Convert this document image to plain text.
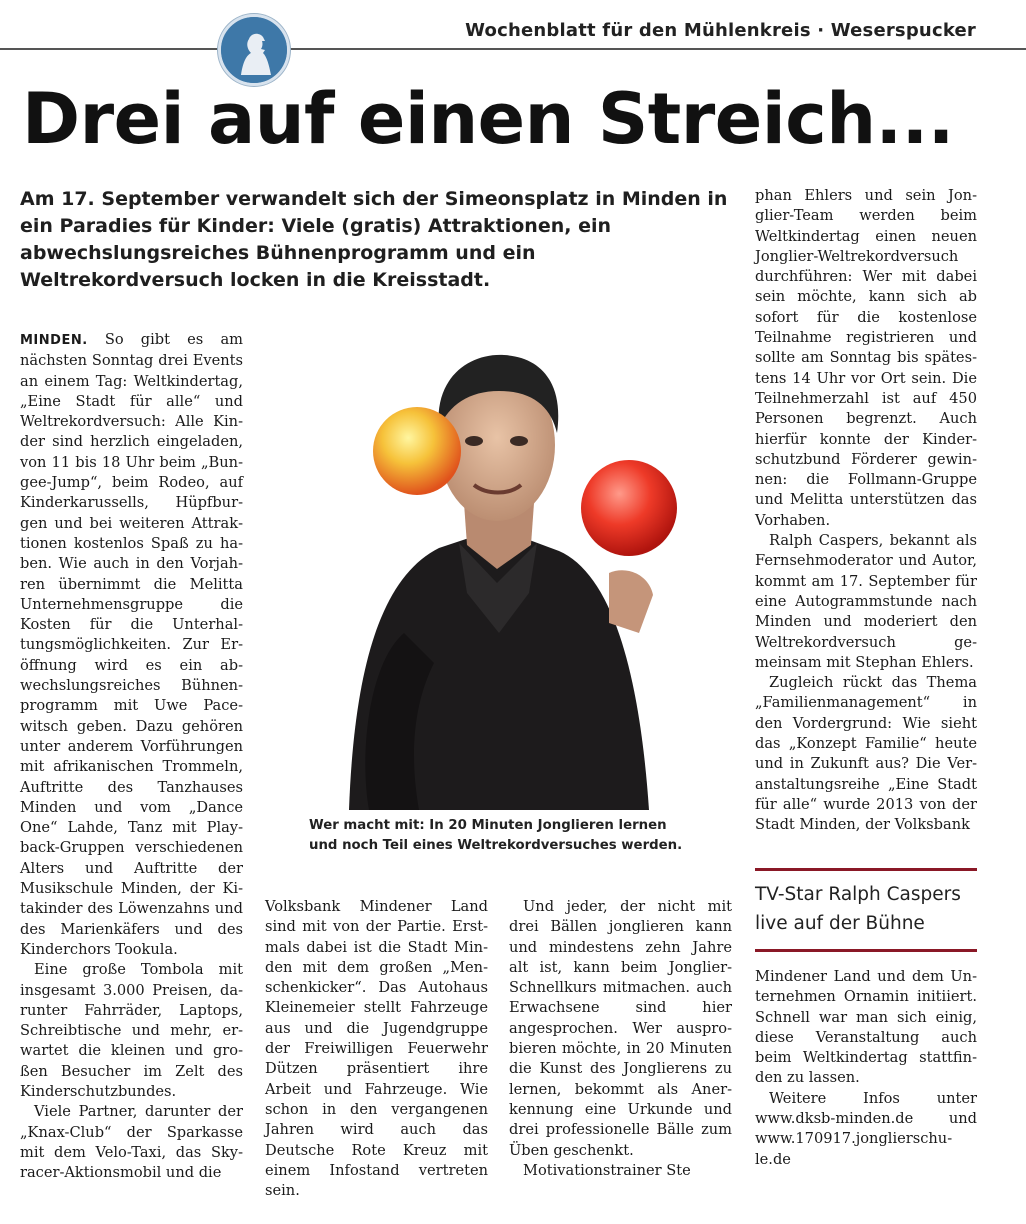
Wochenblatt für den Mühlenkreis · Weserspucker
Drei auf einen Streich...

Am 17. September verwandelt sich der Simeonsplatz in Minden in ein Paradies für Kinder: Viele (gratis) Attraktionen, ein abwechslungsreiches Bühnenprogramm und ein Weltrekordversuch locken in die Kreisstadt.

MINDEN. So gibt es am nächsten Sonntag drei Events an einem Tag: Weltkindertag, „Eine Stadt für alle“ und Weltrekordversuch: Alle Kinder sind herzlich eingeladen, von 11 bis 18 Uhr beim „Bungee-Jump“, beim Rodeo, auf Kinderkarussells, Hüpfburgen und bei weiteren Attraktionen kostenlos Spaß zu haben. Wie auch in den Vorjahren übernimmt die Melitta Unternehmensgruppe die Kosten für die Unterhaltungsmöglichkeiten. Zur Eröffnung wird es ein abwechslungsreiches Bühnenprogramm mit Uwe Pacewitsch geben. Dazu gehören unter anderem Vorführungen mit afrikanischen Trommeln, Auftritte des Tanzhauses Minden und vom „Dance One“ Lahde, Tanz mit Playback-Gruppen verschiedenen Alters und Auftritte der Musikschule Minden, der Kitakinder des Löwenzahns und des Marienkäfers und des Kinderchors Tookula.

Eine große Tombola mit insgesamt 3.000 Preisen, darunter Fahrräder, Laptops, Schreibtische und mehr, erwartet die kleinen und großen Besucher im Zelt des Kinderschutzbundes.

Viele Partner, darunter der „Knax-Club“ der Sparkasse mit dem Velo-Taxi, das Skyracer-Aktionsmobil und die

Wer macht mit: In 20 Minuten Jonglieren lernen und noch Teil eines Weltrekordversuches werden.

Volksbank Mindener Land sind mit von der Partie. Erstmals dabei ist die Stadt Minden mit dem großen „Menschenkicker“. Das Autohaus Kleinemeier stellt Fahrzeuge aus und die Jugendgruppe der Freiwilligen Feuerwehr Dützen präsentiert ihre Arbeit und Fahrzeuge. Wie schon in den vergangenen Jahren wird auch das Deutsche Rote Kreuz mit einem Infostand vertreten sein.

Und jeder, der nicht mit drei Bällen jonglieren kann und mindestens zehn Jahre alt ist, kann beim Jonglier-Schnellkurs mitmachen. auch Erwachsene sind hier angesprochen. Wer ausprobieren möchte, in 20 Minuten die Kunst des Jonglierens zu lernen, bekommt als Anerkennung eine Urkunde und drei professionelle Bälle zum Üben geschenkt.

Motivationstrainer Ste

phan Ehlers und sein Jonglier-Team werden beim Weltkindertag einen neuen Jonglier-Weltrekordversuch durchführen: Wer mit dabei sein möchte, kann sich ab sofort für die kostenlose Teilnahme registrieren und sollte am Sonntag bis spätestens 14 Uhr vor Ort sein. Die Teilnehmerzahl ist auf 450 Personen begrenzt. Auch hierfür konnte der Kinderschutzbund Förderer gewinnen: die Follmann-Gruppe und Melitta unterstützen das Vorhaben.

Ralph Caspers, bekannt als Fernsehmoderator und Autor, kommt am 17. September für eine Autogrammstunde nach Minden und moderiert den Weltrekordversuch gemeinsam mit Stephan Ehlers.

Zugleich rückt das Thema „Familienmanagement“ in den Vordergrund: Wie sieht das „Konzept Familie“ heute und in Zukunft aus? Die Veranstaltungsreihe „Eine Stadt für alle“ wurde 2013 von der Stadt Minden, der Volksbank

TV-Star Ralph Caspers live auf der Bühne

Mindener Land und dem Unternehmen Ornamin initiiert. Schnell war man sich einig, diese Veranstaltung auch beim Weltkindertag stattfinden zu lassen.

Weitere Infos unter www.dksb-minden.de und www.170917.jonglierschule.de
